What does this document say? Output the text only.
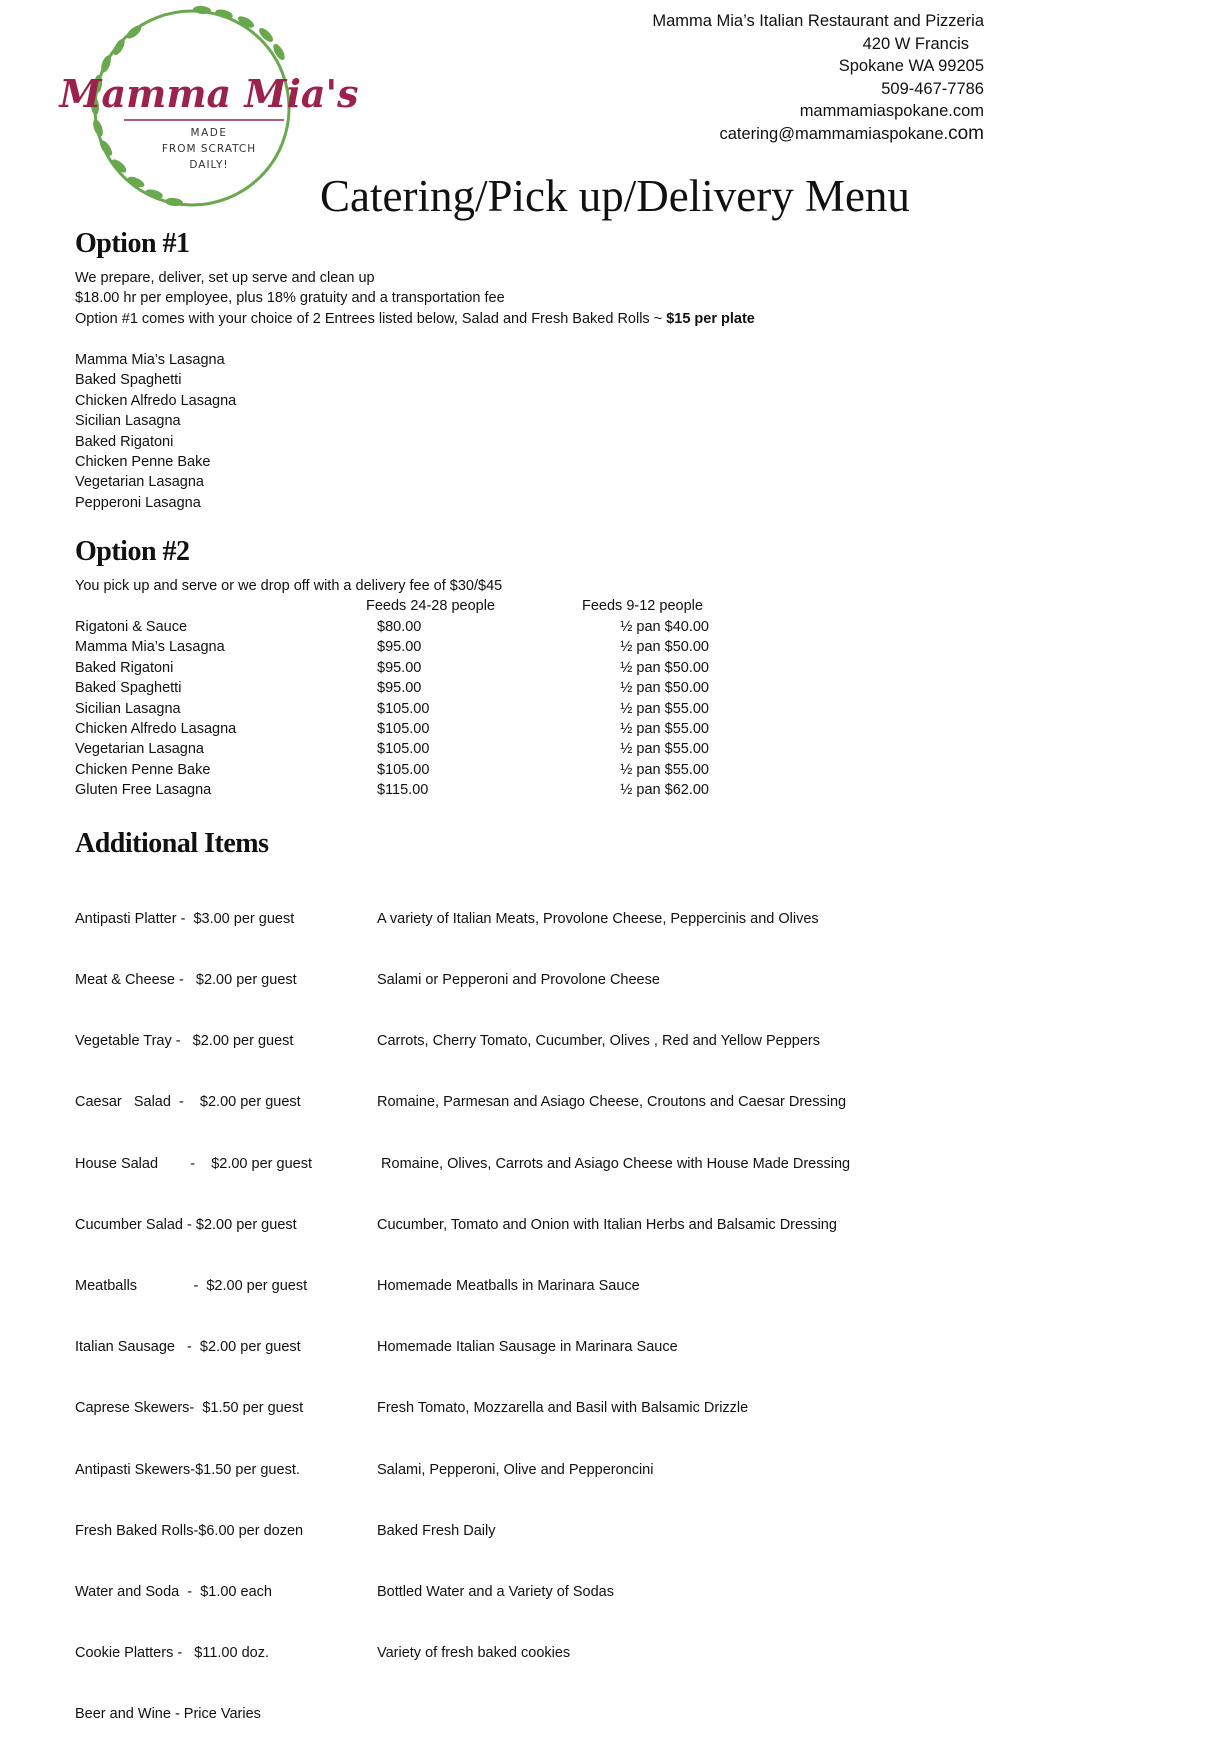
Mamma Mia's
MADE
FROM SCRATCH
DAILY!
Mamma Mia’s Italian Restaurant and Pizzeria
420 W Francis
Spokane WA 99205
509-467-7786
mammamiaspokane.com
catering@mammamiaspokane.com
Catering/Pick up/Delivery Menu
Option #1
We prepare, deliver, set up serve and clean up
$18.00 hr per employee, plus 18% gratuity and a transportation fee
Option #1 comes with your choice of 2 Entrees listed below, Salad and Fresh Baked Rolls ~ $15 per plate
Mamma Mia’s Lasagna
Baked Spaghetti
Chicken Alfredo Lasagna
Sicilian Lasagna
Baked Rigatoni
Chicken Penne Bake
Vegetarian Lasagna
Pepperoni Lasagna
Option #2
You pick up and serve or we drop off with a delivery fee of $30/$45
Feeds 24-28 people	Feeds 9-12 people
Rigatoni & Sauce
Mamma Mia’s Lasagna
Baked Rigatoni
Baked Spaghetti
Sicilian Lasagna
Chicken Alfredo Lasagna
Vegetarian Lasagna
Chicken Penne Bake
Gluten Free Lasagna
$80.00
$95.00
$95.00
$95.00
$105.00
$105.00
$105.00
$105.00
$115.00
½ pan $40.00
½ pan $50.00
½ pan $50.00
½ pan $50.00
½ pan $55.00
½ pan $55.00
½ pan $55.00
½ pan $55.00
½ pan $62.00
Additional Items

Antipasti Platter -  $3.00 per guest

Meat & Cheese -   $2.00 per guest

Vegetable Tray -   $2.00 per guest

Caesar   Salad  -    $2.00 per guest

House Salad        -    $2.00 per guest

Cucumber Salad - $2.00 per guest

Meatballs              -  $2.00 per guest

Italian Sausage   -  $2.00 per guest

Caprese Skewers-  $1.50 per guest

Antipasti Skewers-$1.50 per guest.

Fresh Baked Rolls-$6.00 per dozen

Water and Soda  -  $1.00 each

Cookie Platters -   $11.00 doz.

Beer and Wine - Price Varies

A variety of Italian Meats, Provolone Cheese, Peppercinis and Olives

Salami or Pepperoni and Provolone Cheese

Carrots, Cherry Tomato, Cucumber, Olives , Red and Yellow Peppers

Romaine, Parmesan and Asiago Cheese, Croutons and Caesar Dressing

Romaine, Olives, Carrots and Asiago Cheese with House Made Dressing

Cucumber, Tomato and Onion with Italian Herbs and Balsamic Dressing

Homemade Meatballs in Marinara Sauce

Homemade Italian Sausage in Marinara Sauce

Fresh Tomato, Mozzarella and Basil with Balsamic Drizzle

Salami, Pepperoni, Olive and Pepperoncini

Baked Fresh Daily

Bottled Water and a Variety of Sodas

Variety of fresh baked cookies
